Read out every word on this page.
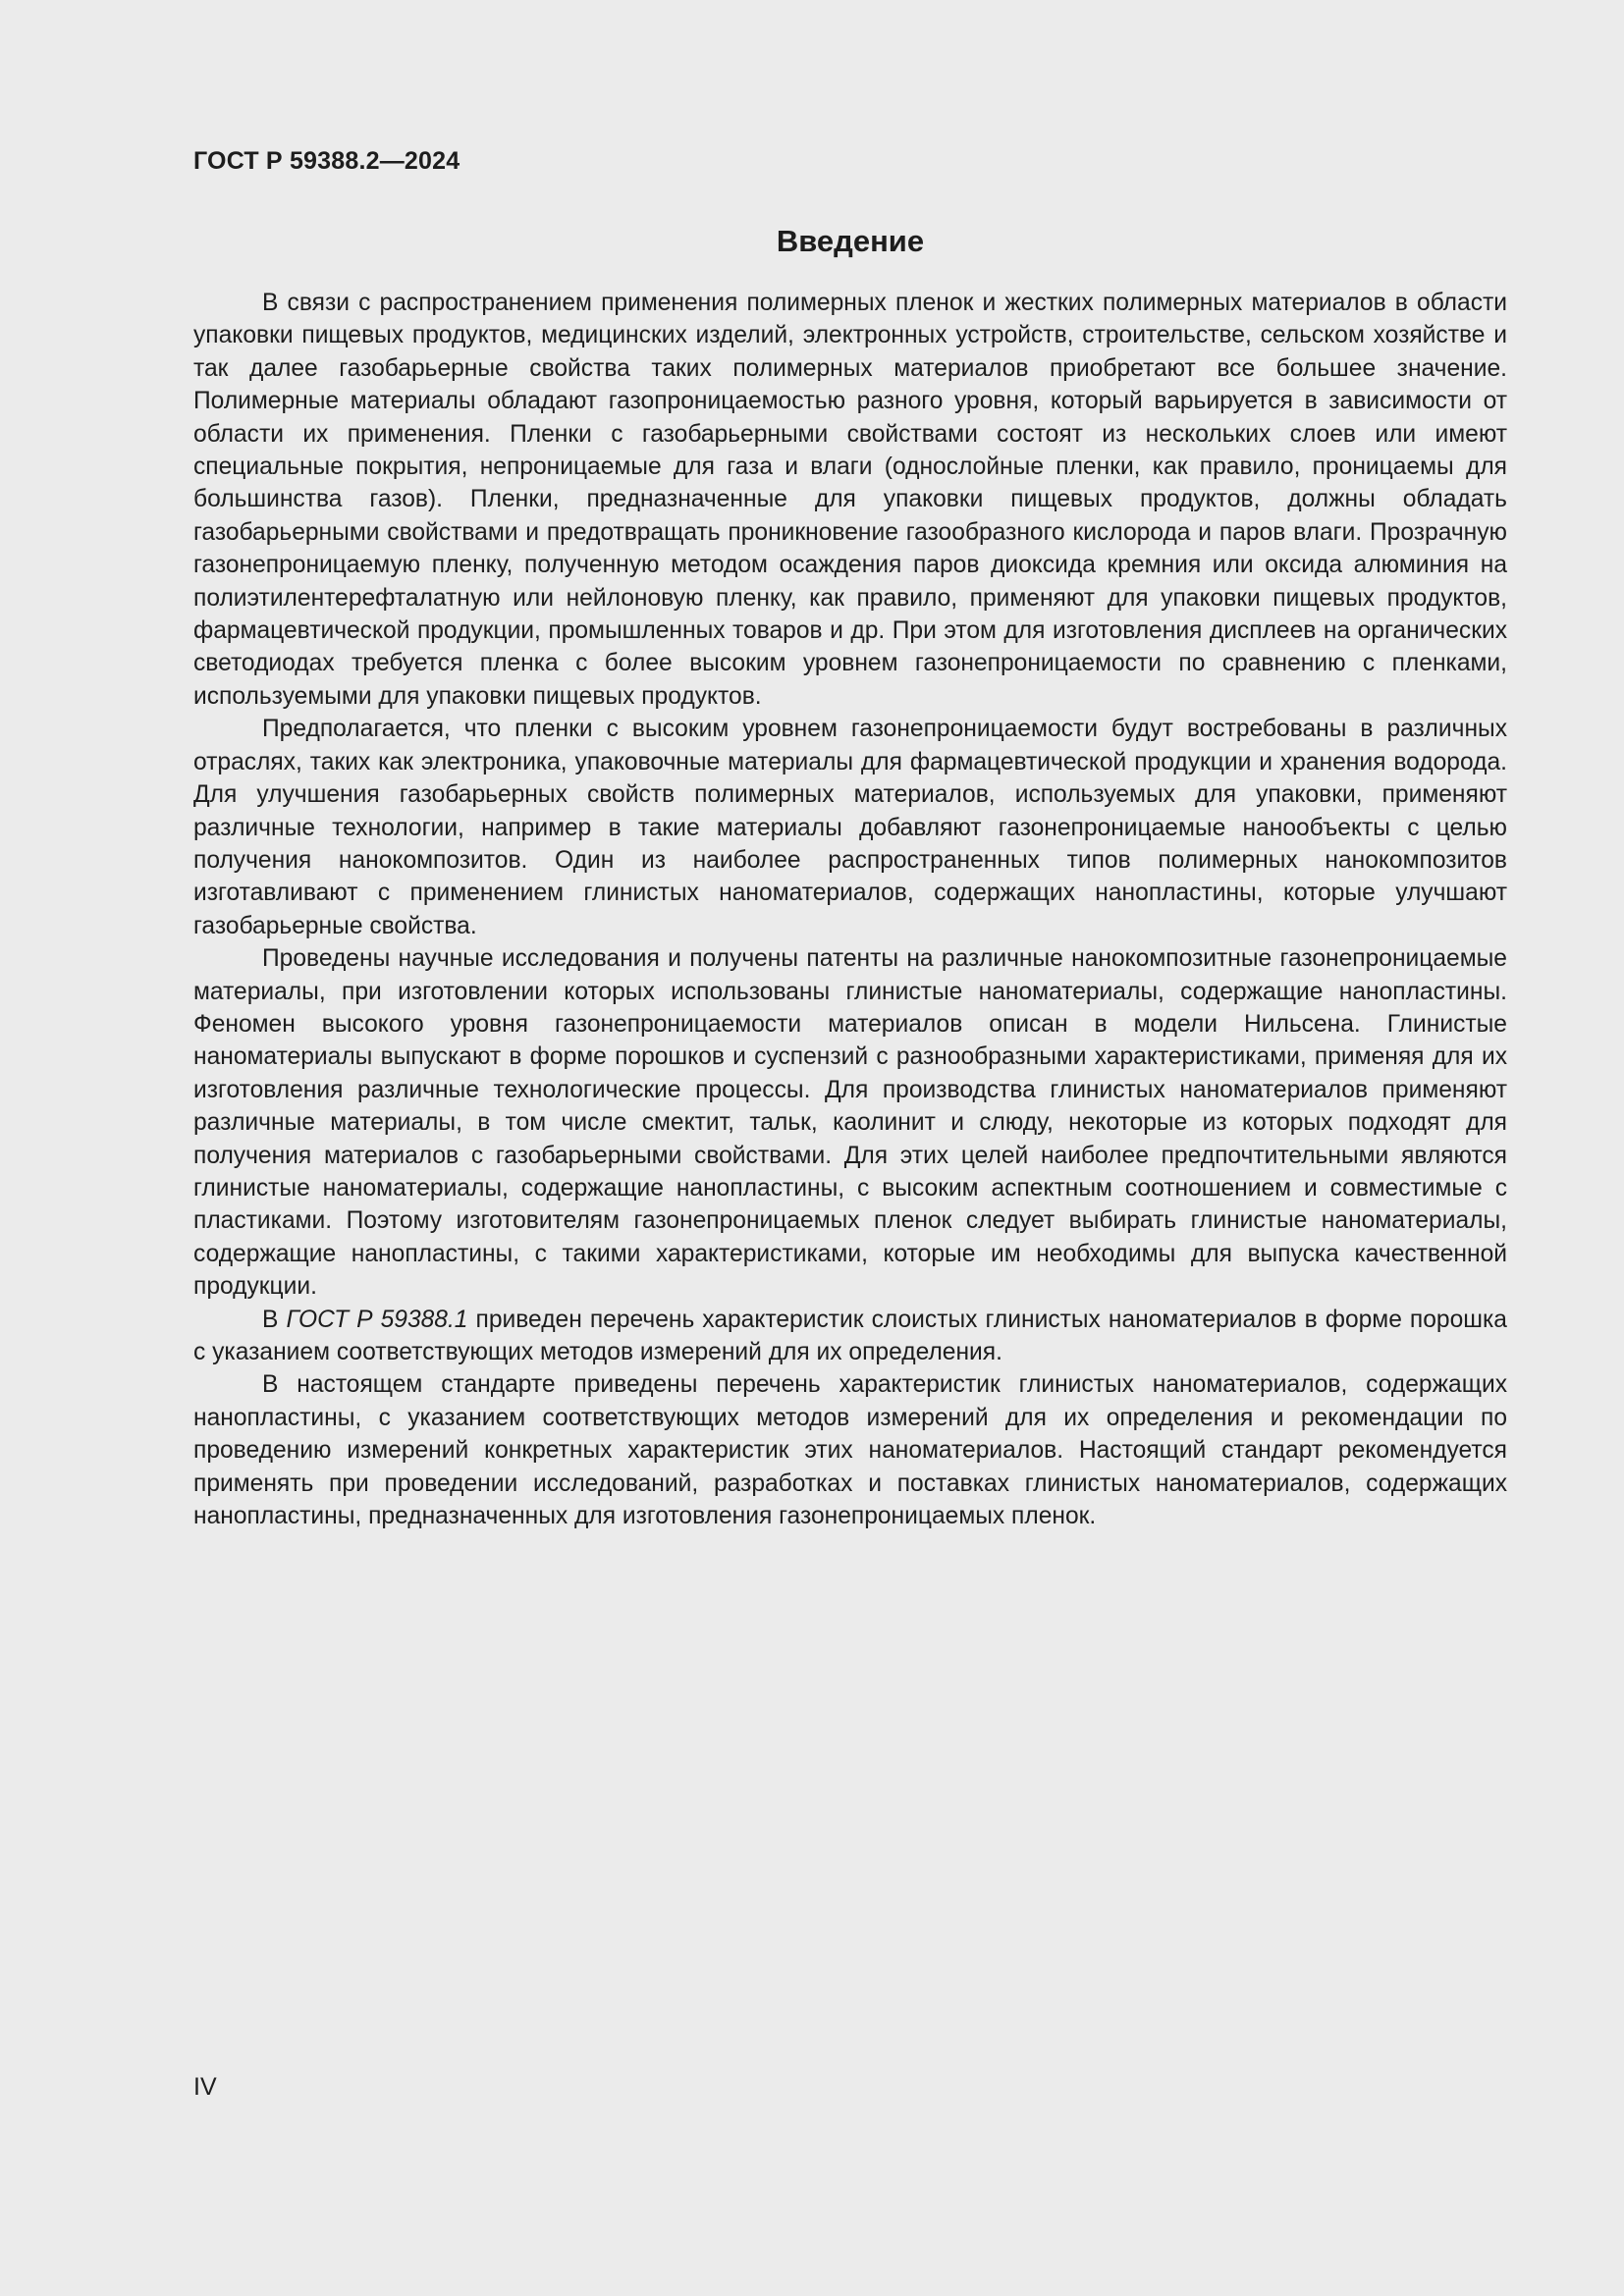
ГОСТ Р 59388.2—2024
Введение

В связи с распространением применения полимерных пленок и жестких полимерных материалов в области упаковки пищевых продуктов, медицинских изделий, электронных устройств, строительстве, сельском хозяйстве и так далее газобарьерные свойства таких полимерных материалов приобретают все большее значение. Полимерные материалы обладают газопроницаемостью разного уровня, который варьируется в зависимости от области их применения. Пленки с газобарьерными свойствами состоят из нескольких слоев или имеют специальные покрытия, непроницаемые для газа и влаги (однослойные пленки, как правило, проницаемы для большинства газов). Пленки, предназначенные для упаковки пищевых продуктов, должны обладать газобарьерными свойствами и предотвращать проникновение газообразного кислорода и паров влаги. Прозрачную газонепроницаемую пленку, полученную методом осаждения паров диоксида кремния или оксида алюминия на полиэтилентерефталатную или нейлоновую пленку, как правило, применяют для упаковки пищевых продуктов, фармацевтической продукции, промышленных товаров и др. При этом для изготовления дисплеев на органических светодиодах требуется пленка с более высоким уровнем газонепроницаемости по сравнению с пленками, используемыми для упаковки пищевых продуктов.

Предполагается, что пленки с высоким уровнем газонепроницаемости будут востребованы в различных отраслях, таких как электроника, упаковочные материалы для фармацевтической продукции и хранения водорода. Для улучшения газобарьерных свойств полимерных материалов, используемых для упаковки, применяют различные технологии, например в такие материалы добавляют газонепроницаемые нанообъекты с целью получения нанокомпозитов. Один из наиболее распространенных типов полимерных нанокомпозитов изготавливают с применением глинистых наноматериалов, содержащих нанопластины, которые улучшают газобарьерные свойства.

Проведены научные исследования и получены патенты на различные нанокомпозитные газонепроницаемые материалы, при изготовлении которых использованы глинистые наноматериалы, содержащие нанопластины. Феномен высокого уровня газонепроницаемости материалов описан в модели Нильсена. Глинистые наноматериалы выпускают в форме порошков и суспензий с разнообразными характеристиками, применяя для их изготовления различные технологические процессы. Для производства глинистых наноматериалов применяют различные материалы, в том числе смектит, тальк, каолинит и слюду, некоторые из которых подходят для получения материалов с газобарьерными свойствами. Для этих целей наиболее предпочтительными являются глинистые наноматериалы, содержащие нанопластины, с высоким аспектным соотношением и совместимые с пластиками. Поэтому изготовителям газонепроницаемых пленок следует выбирать глинистые наноматериалы, содержащие нанопластины, с такими характеристиками, которые им необходимы для выпуска качественной продукции.

В ГОСТ Р 59388.1 приведен перечень характеристик слоистых глинистых наноматериалов в форме порошка с указанием соответствующих методов измерений для их определения.

В настоящем стандарте приведены перечень характеристик глинистых наноматериалов, содержащих нанопластины, с указанием соответствующих методов измерений для их определения и рекомендации по проведению измерений конкретных характеристик этих наноматериалов. Настоящий стандарт рекомендуется применять при проведении исследований, разработках и поставках глинистых наноматериалов, содержащих нанопластины, предназначенных для изготовления газонепроницаемых пленок.

IV
